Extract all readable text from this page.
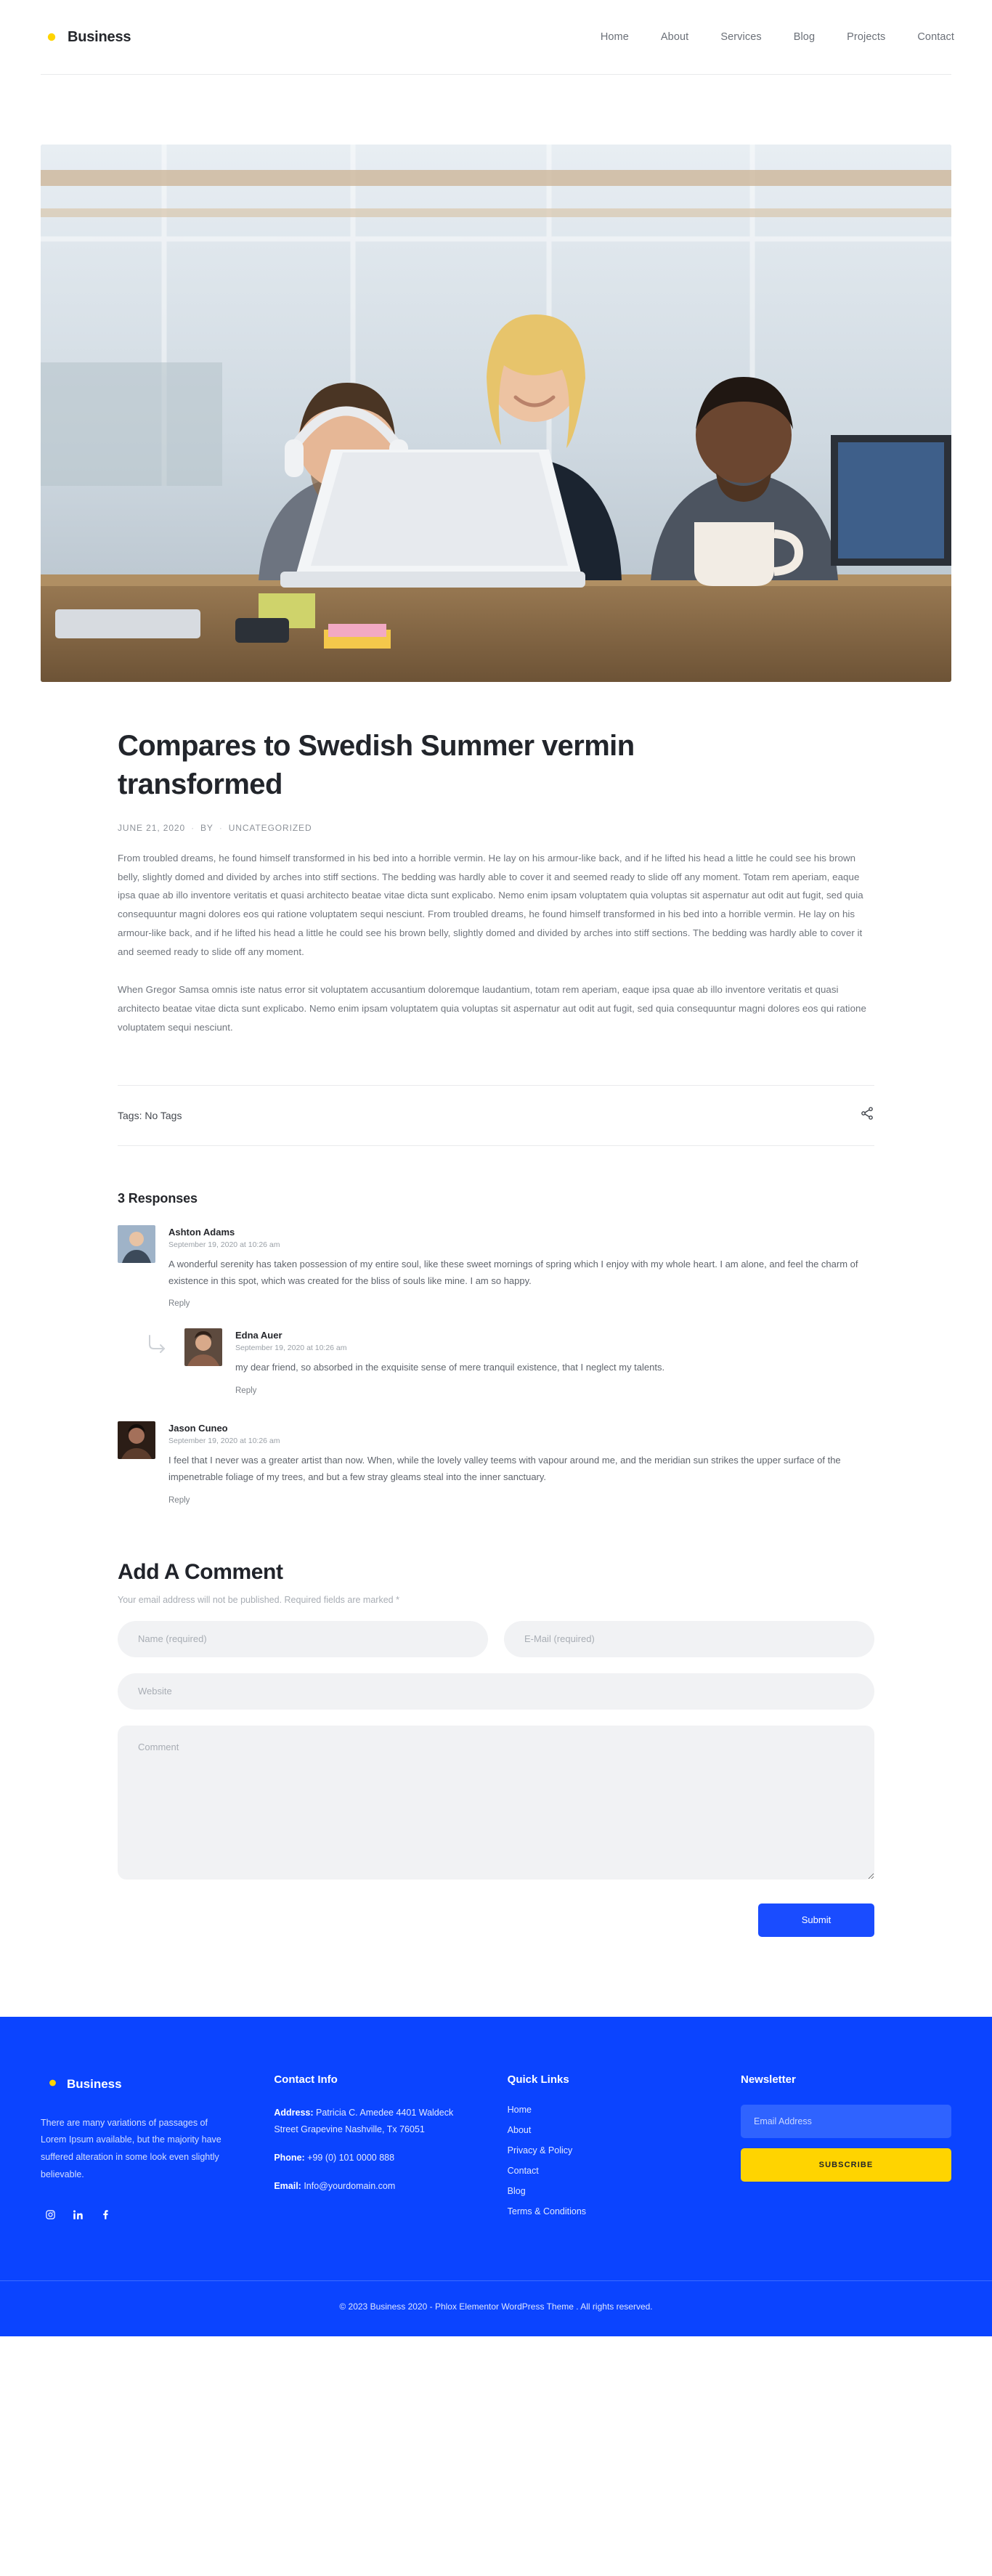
Business	Home	About	Services	Blog	Projects	Contact
Compares to Swedish Summer vermin transformed
JUNE 21, 2020 · BY · UNCATEGORIZED

From troubled dreams, he found himself transformed in his bed into a horrible vermin. He lay on his armour-like back, and if he lifted his head a little he could see his brown belly, slightly domed and divided by arches into stiff sections. The bedding was hardly able to cover it and seemed ready to slide off any moment. Totam rem aperiam, eaque ipsa quae ab illo inventore veritatis et quasi architecto beatae vitae dicta sunt explicabo. Nemo enim ipsam voluptatem quia voluptas sit aspernatur aut odit aut fugit, sed quia consequuntur magni dolores eos qui ratione voluptatem sequi nesciunt. From troubled dreams, he found himself transformed in his bed into a horrible vermin. He lay on his armour-like back, and if he lifted his head a little he could see his brown belly, slightly domed and divided by arches into stiff sections. The bedding was hardly able to cover it and seemed ready to slide off any moment.

When Gregor Samsa omnis iste natus error sit voluptatem accusantium doloremque laudantium, totam rem aperiam, eaque ipsa quae ab illo inventore veritatis et quasi architecto beatae vitae dicta sunt explicabo. Nemo enim ipsam voluptatem quia voluptas sit aspernatur aut odit aut fugit, sed quia consequuntur magni dolores eos qui ratione voluptatem sequi nesciunt.

Tags: No Tags
3 Responses
Ashton Adams
September 19, 2020 at 10:26 am
A wonderful serenity has taken possession of my entire soul, like these sweet mornings of spring which I enjoy with my whole heart. I am alone, and feel the charm of existence in this spot, which was created for the bliss of souls like mine. I am so happy.
Reply
Edna Auer
September 19, 2020 at 10:26 am
my dear friend, so absorbed in the exquisite sense of mere tranquil existence, that I neglect my talents.
Reply
Jason Cuneo
September 19, 2020 at 10:26 am
I feel that I never was a greater artist than now. When, while the lovely valley teems with vapour around me, and the meridian sun strikes the upper surface of the impenetrable foliage of my trees, and but a few stray gleams steal into the inner sanctuary.
Reply
Add A Comment
Your email address will not be published. Required fields are marked *
Name (required)
E-Mail (required)
Website
Comment
Submit
Business

There are many variations of passages of Lorem Ipsum available, but the majority have suffered alteration in some look even slightly believable.

Contact Info
Address: Patricia C. Amedee 4401 Waldeck Street Grapevine Nashville, Tx 76051
Phone: +99 (0) 101 0000 888
Email: Info@yourdomain.com
Quick Links
Home
About
Privacy & Policy
Contact
Blog
Terms & Conditions
Newsletter
Email Address SUBSCRIBE
© 2023 Business 2020 - Phlox Elementor WordPress Theme . All rights reserved.
